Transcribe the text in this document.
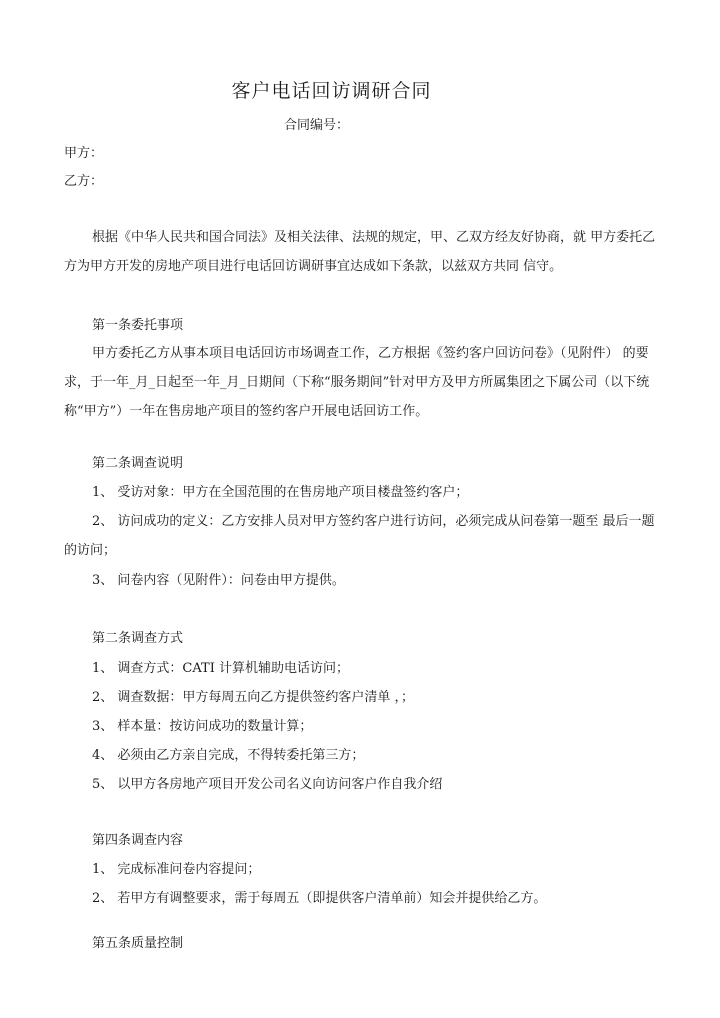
客户电话回访调研合同
合同编号：
甲方：
乙方：
根据《中华人民共和国合同法》及相关法律、法规的规定，甲、乙双方经友好协商，就 甲方委托乙
方为甲方开发的房地产项目进行电话回访调研事宜达成如下条款，以兹双方共同 信守。
第一条委托事项
甲方委托乙方从事本项目电话回访市场调查工作，乙方根据《签约客户回访问卷》（见附件） 的要
求，于一年_月_日起至一年_月_日期间（下称“服务期间”针对甲方及甲方所属集团之下属公司（以下统
称“甲方”）一年在售房地产项目的签约客户开展电话回访工作。
第二条调查说明
1、 受访对象：甲方在全国范围的在售房地产项目楼盘签约客户；
2、 访问成功的定义：乙方安排人员对甲方签约客户进行访问，必须完成从问卷第一题至 最后一题
的访问；
3、 问卷内容（见附件）：问卷由甲方提供。
第二条调查方式
1、 调查方式：CATI 计算机辅助电话访问；
2、 调查数据：甲方每周五向乙方提供签约客户清单 ，；
3、 样本量：按访问成功的数量计算；
4、 必须由乙方亲自完成，不得转委托第三方；
5、 以甲方各房地产项目开发公司名义向访问客户作自我介绍
第四条调查内容
1、 完成标准问卷内容提问；
2、 若甲方有调整要求，需于每周五（即提供客户清单前）知会并提供给乙方。
第五条质量控制
